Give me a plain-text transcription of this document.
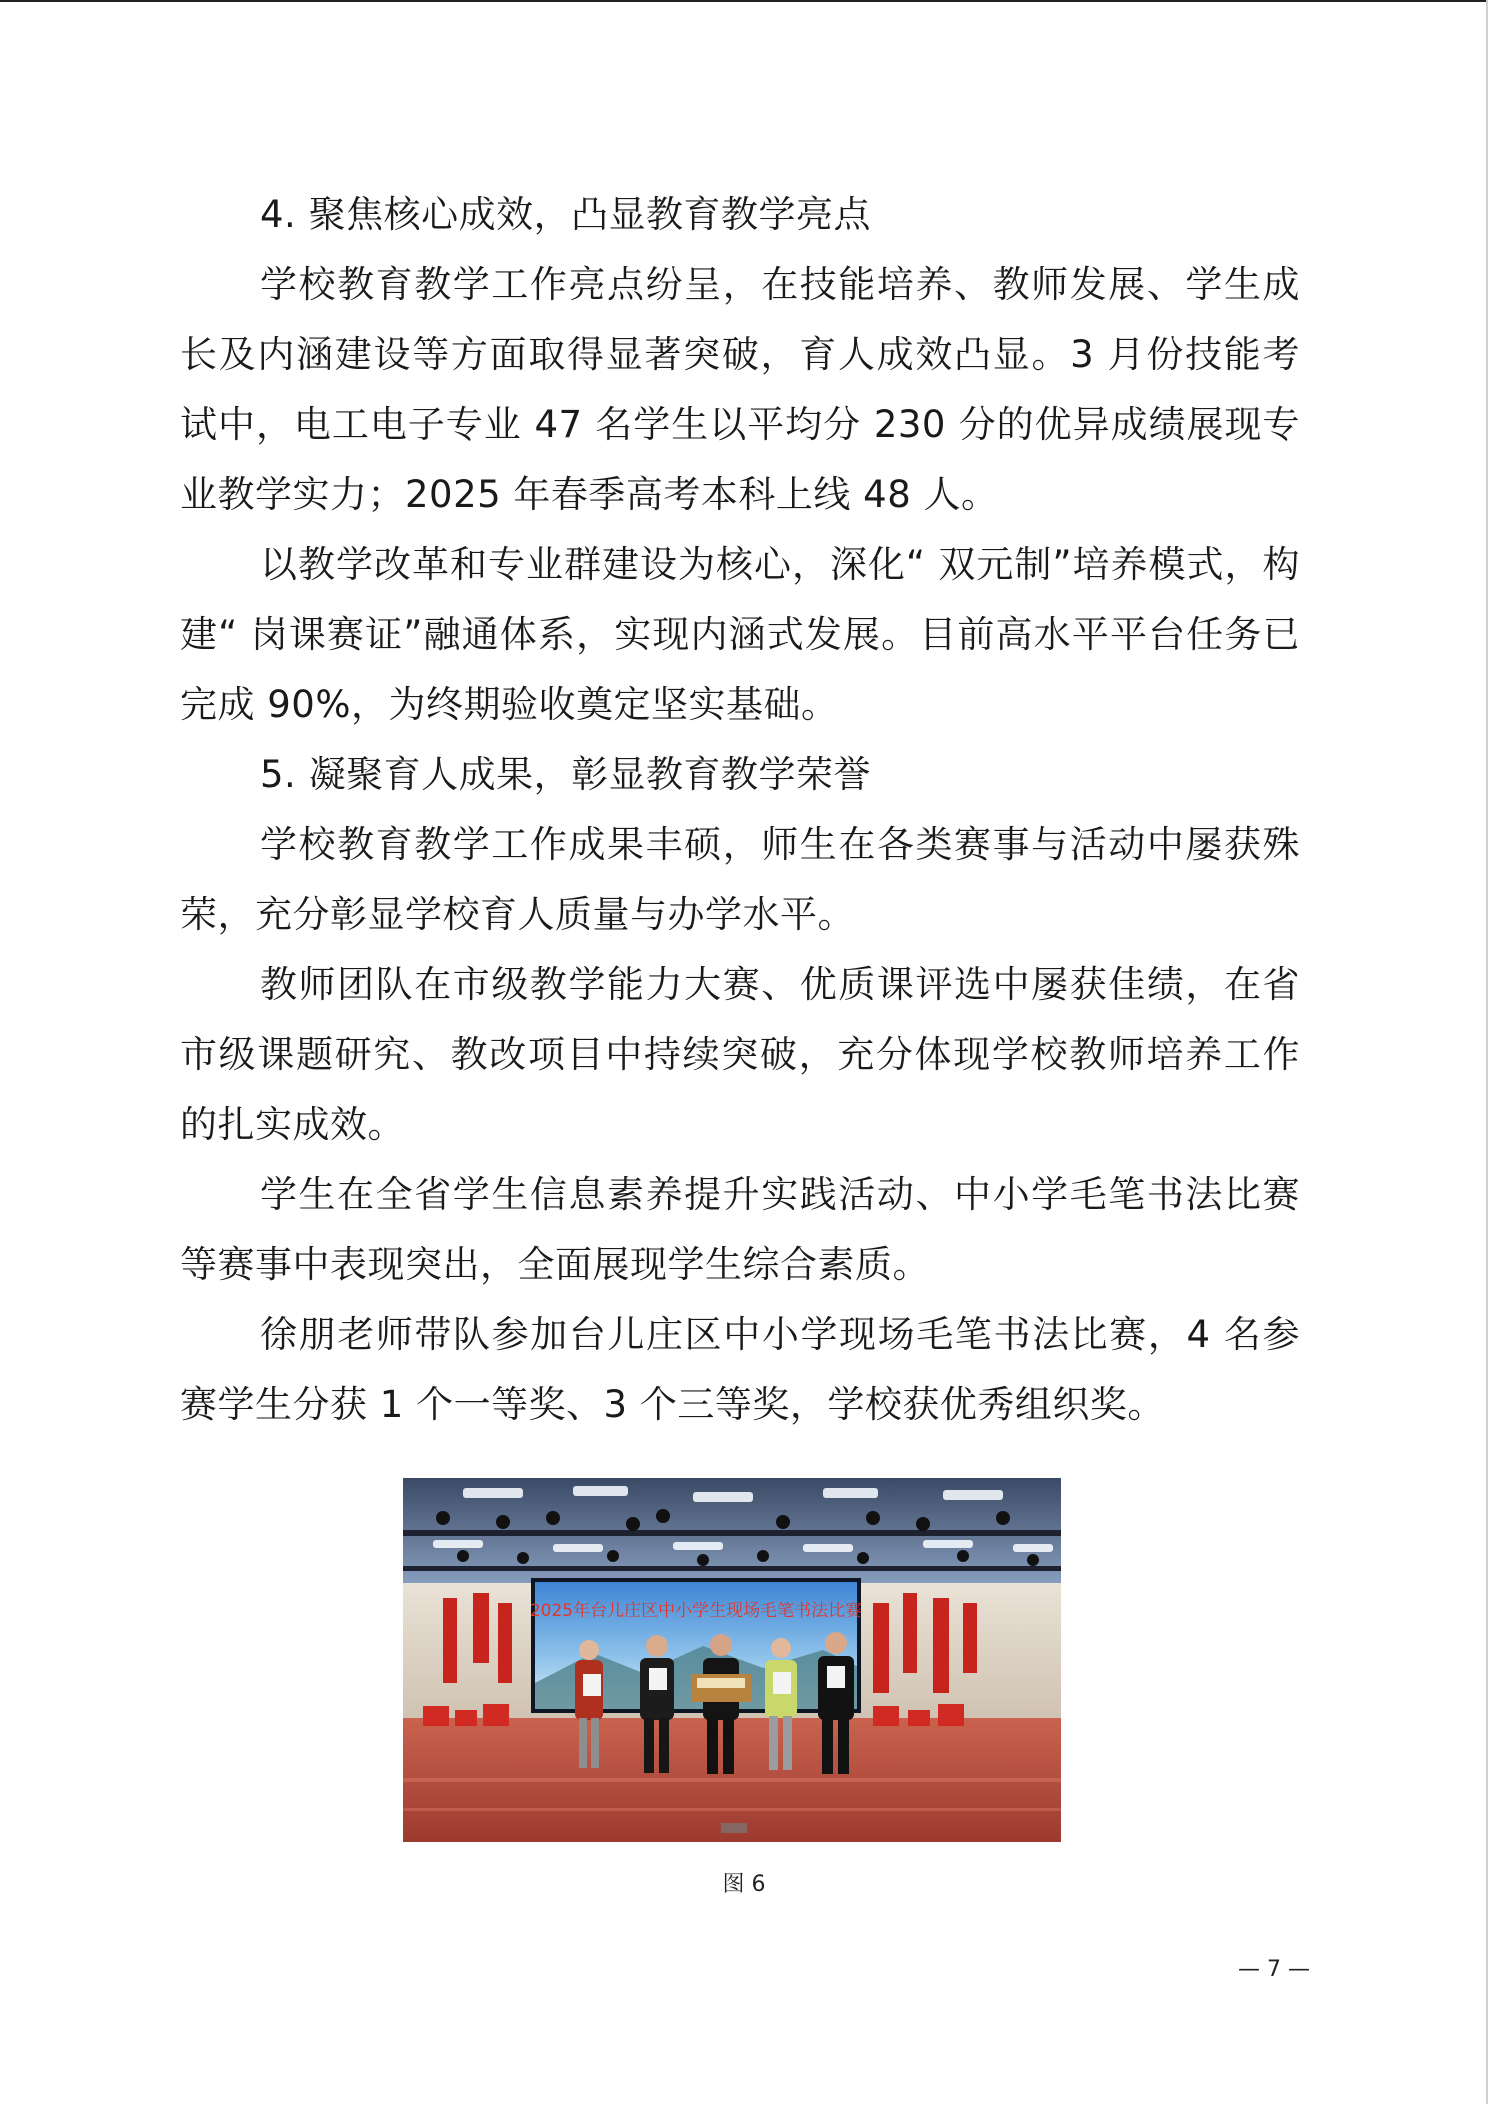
4. 聚焦核心成效，凸显教育教学亮点

学校教育教学工作亮点纷呈，在技能培养、教师发展、学生成长及内涵建设等方面取得显著突破，育人成效凸显。3 月份技能考试中，电工电子专业 47 名学生以平均分 230 分的优异成绩展现专业教学实力；2025 年春季高考本科上线 48 人。

以教学改革和专业群建设为核心，深化“ 双元制”培养模式，构建“ 岗课赛证”融通体系，实现内涵式发展。目前高水平平台任务已完成 90%，为终期验收奠定坚实基础。

5. 凝聚育人成果，彰显教育教学荣誉

学校教育教学工作成果丰硕，师生在各类赛事与活动中屡获殊荣，充分彰显学校育人质量与办学水平。

教师团队在市级教学能力大赛、优质课评选中屡获佳绩，在省市级课题研究、教改项目中持续突破，充分体现学校教师培养工作的扎实成效。

学生在全省学生信息素养提升实践活动、中小学毛笔书法比赛等赛事中表现突出，全面展现学生综合素质。

徐朋老师带队参加台儿庄区中小学现场毛笔书法比赛，4 名参赛学生分获 1 个一等奖、3 个三等奖，学校获优秀组织奖。

2025年台儿庄区中小学生现场毛笔书法比赛
图 6
— 7 —
